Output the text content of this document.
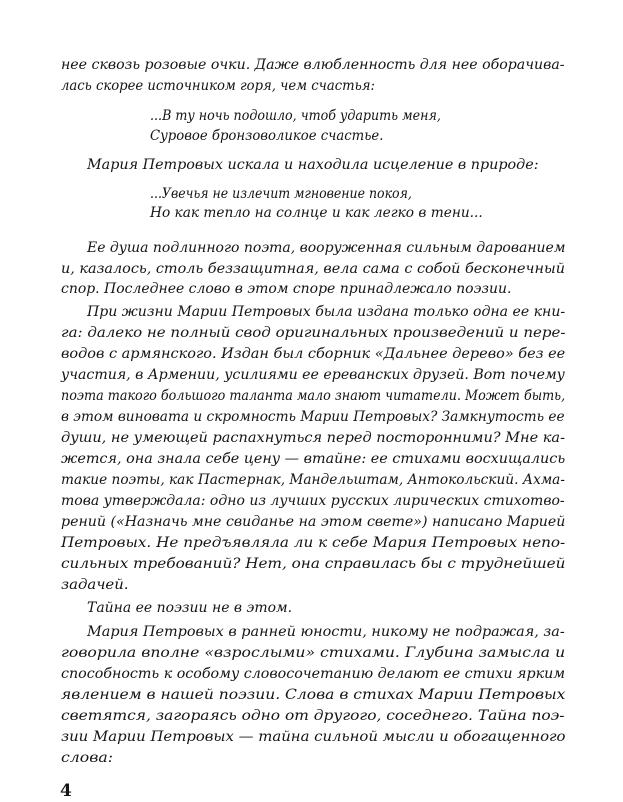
нее сквозь розовые очки. Даже влюбленность для нее оборачива-

лась скорее источником горя, чем счастья:

...В ту ночь подошло, чтоб ударить меня,

Суровое бронзоволикое счастье.

Мария Петровых искала и находила исцеление в природе:

...Увечья не излечит мгновение покоя,

Но как тепло на солнце и как легко в тени...

Ее душа подлинного поэта, вооруженная сильным дарованием

и, казалось, столь беззащитная, вела сама с собой бесконечный

спор. Последнее слово в этом споре принадлежало поэзии.

При жизни Марии Петровых была издана только одна ее кни-

га: далеко не полный свод оригинальных произведений и пере-

водов с армянского. Издан был сборник «Дальнее дерево» без ее

участия, в Армении, усилиями ее ереванских друзей. Вот почему

поэта такого большого таланта мало знают читатели. Может быть,

в этом виновата и скромность Марии Петровых? Замкнутость ее

души, не умеющей распахнуться перед посторонними? Мне ка-

жется, она знала себе цену — втайне: ее стихами восхищались

такие поэты, как Пастернак, Мандельштам, Антокольский. Ахма-

това утверждала: одно из лучших русских лирических стихотво-

рений («Назначь мне свиданье на этом свете») написано Марией

Петровых. Не предъявляла ли к себе Мария Петровых непо-

сильных требований? Нет, она справилась бы с труднейшей

задачей.

Тайна ее поэзии не в этом.

Мария Петровых в ранней юности, никому не подражая, за-

говорила вполне «взрослыми» стихами. Глубина замысла и

способность к особому словосочетанию делают ее стихи ярким

явлением в нашей поэзии. Слова в стихах Марии Петровых

светятся, загораясь одно от другого, соседнего. Тайна поэ-

зии Марии Петровых — тайна сильной мысли и обогащенного

слова:

4
